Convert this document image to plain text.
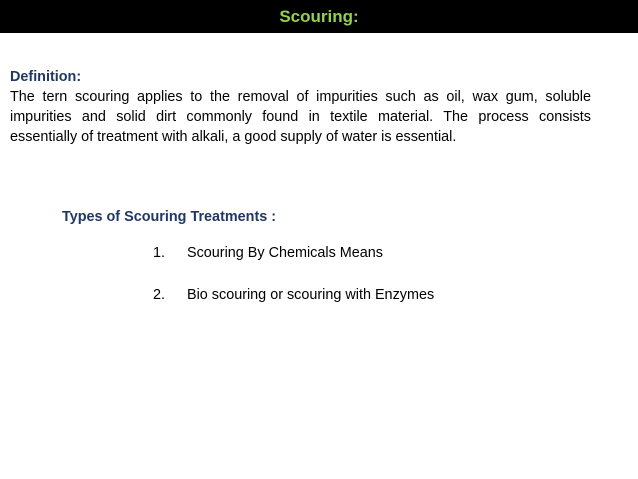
Scouring:
Definition:
The tern scouring applies to the removal of impurities such as oil, wax gum, soluble impurities and solid dirt commonly found in textile material. The process consists essentially of treatment with alkali, a good supply of water is essential.
Types of Scouring Treatments :
1.	Scouring By Chemicals Means
2.	Bio scouring or scouring with Enzymes
